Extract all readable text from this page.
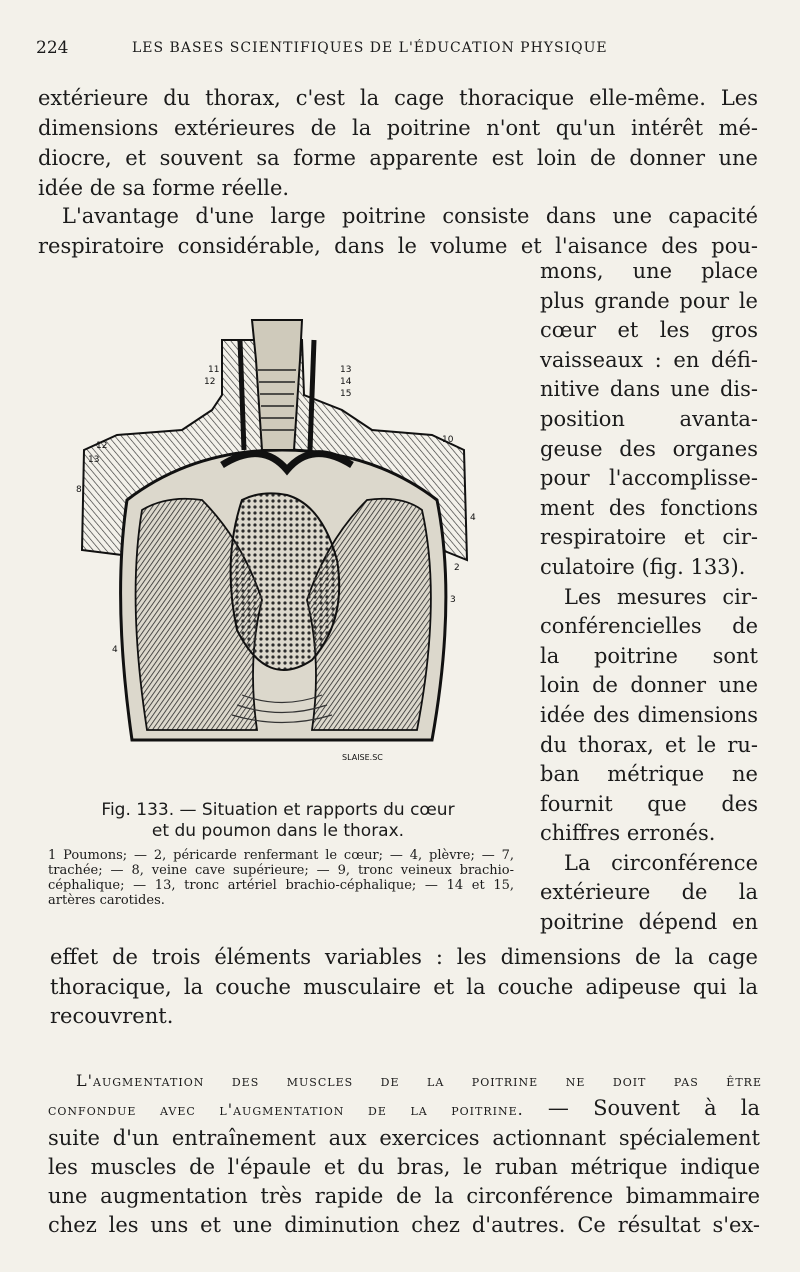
224	LES BASES SCIENTIFIQUES DE L'ÉDUCATION PHYSIQUE
extérieure du thorax, c'est la cage thoracique elle-même. Les
dimensions extérieures de la poitrine n'ont qu'un intérêt mé-
diocre, et souvent sa forme apparente est loin de donner une
idée de sa forme réelle.
L'avantage d'une large poitrine consiste dans une capacité
respiratoire considérable, dans le volume et l'aisance des pou-
mons, une place
plus grande pour le
cœur et les gros
vaisseaux : en défi-
nitive dans une dis-
position avanta-
geuse des organes
pour l'accomplisse-
ment des fonctions
respiratoire et cir-
culatoire (fig. 133).
Les mesures cir-
conférencielles de
la poitrine sont
loin de donner une
idée des dimensions
du thorax, et le ru-
ban métrique ne
fournit que des
chiffres erronés.
La circonférence
extérieure de la
poitrine dépend en
11
12
13
14
15
10
12
13
8
4
2
3
4
SLAISE.SC
Fig. 133. — Situation et rapports du cœur
et du poumon dans le thorax.
1 Poumons; — 2, péricarde renfermant le cœur; — 4, plèvre; — 7, trachée; — 8, veine cave supérieure; — 9, tronc veineux brachio-céphalique; — 13, tronc artériel brachio-céphalique; — 14 et 15, artères carotides.
effet de trois éléments variables : les dimensions de la cage
thoracique, la couche musculaire et la couche adipeuse qui la
recouvrent.
L'augmentation des muscles de la poitrine ne doit pas être
confondue avec l'augmentation de la poitrine. — Souvent à la
suite d'un entraînement aux exercices actionnant spécialement
les muscles de l'épaule et du bras, le ruban métrique indique
une augmentation très rapide de la circonférence bimammaire
chez les uns et une diminution chez d'autres. Ce résultat s'ex-
